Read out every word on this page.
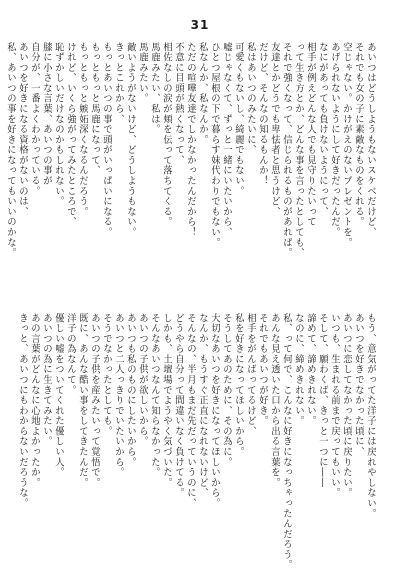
31
あいつはどうしようもないスケベだけど、
それでも女の子に素敵なものをくれる。
空じゃない。かけがえのないプレゼントを。
あげられないようにして好きだったんだ。
なにがあっても負けないようにって、
相手が例えどんな人でも見守りたいって
って生き方とか、どんな事を言ったとしても、
それで強くなって、信じられるものがあれば。
友達とかどうでも卑怯者と思うけど、
だけど、そんなの知るもんか！
私はあいつのみたいに、
可愛くもないし、綺麗でもない。
嘘じゃなくて、ずっと一緒にいたいから、
ひとつ屋根の下で暮らす妹代わりでもない。
私なんか、私なんか。
ただの喧嘩友達でしかなかったんだから！
不意に目頭が熱くなって、
相佐なしの涙が頬を伝って落ちてくる。
馬鹿みたい、私は。
馬鹿みたい。
敵いようがないけど、どうしようもない。
きっとこれから、
もっとあいつの事で頭がいっぱいになる。
もっともっと馬鹿になって、
もっともっと嫉妬深くなるんだろう。
けれど、いくら強がってみたところで、
恥ずかしいだけなのかもしれない。
膝に小さな言葉、あいつの事が
自分が、一番よくわかっている。
あいつを好きになる資格がないのは、
私、あいつの事を好きになってもいいのかな。
もう、意気がってた洋子には戻れやしない。
あいつを好きでなかった頃に、
あいつに恋してなかった頃に戻りたい。
いつも、生まれる前まで戻ってもいい。
そして、願わくば、きっと一つに――
諦めて、諦めきれない。
なのに、締めきれない。
私、って何で、こんなに好きになっちゃったんだろう。
あんな見え透いた口から出る言葉を。
それでもあいつが好き。
相手をがんばってるけど、
私を好きになってほしいから。
そうしてあのために、その為に。
大切なあいつを好きになってほしいから。
なんか、もうすぐ正直になれないけど、
そんなの、半月もまだ先だっていうのに、
どうやら自分って間違いなく負けてる。
しかも、土壇場でようやく気づいた。
そんなあいつなんて知らなかった。
あいつの子供が欲しいから。
あいつも私のものにしたいから。
あいつと二人っきりでいたいから。
そうでなかったとしても。
あいつの子供を産みたいって覚悟で。
既に、あんな酷い事をしてきたんだ。
洋子の為なんて。
優しい嘘をついてくれた優しい人。
あいつの為に生きてみたい。
あの言葉がどんなに心地よかったか。
きっと、あいつにもわからないだろうな。
